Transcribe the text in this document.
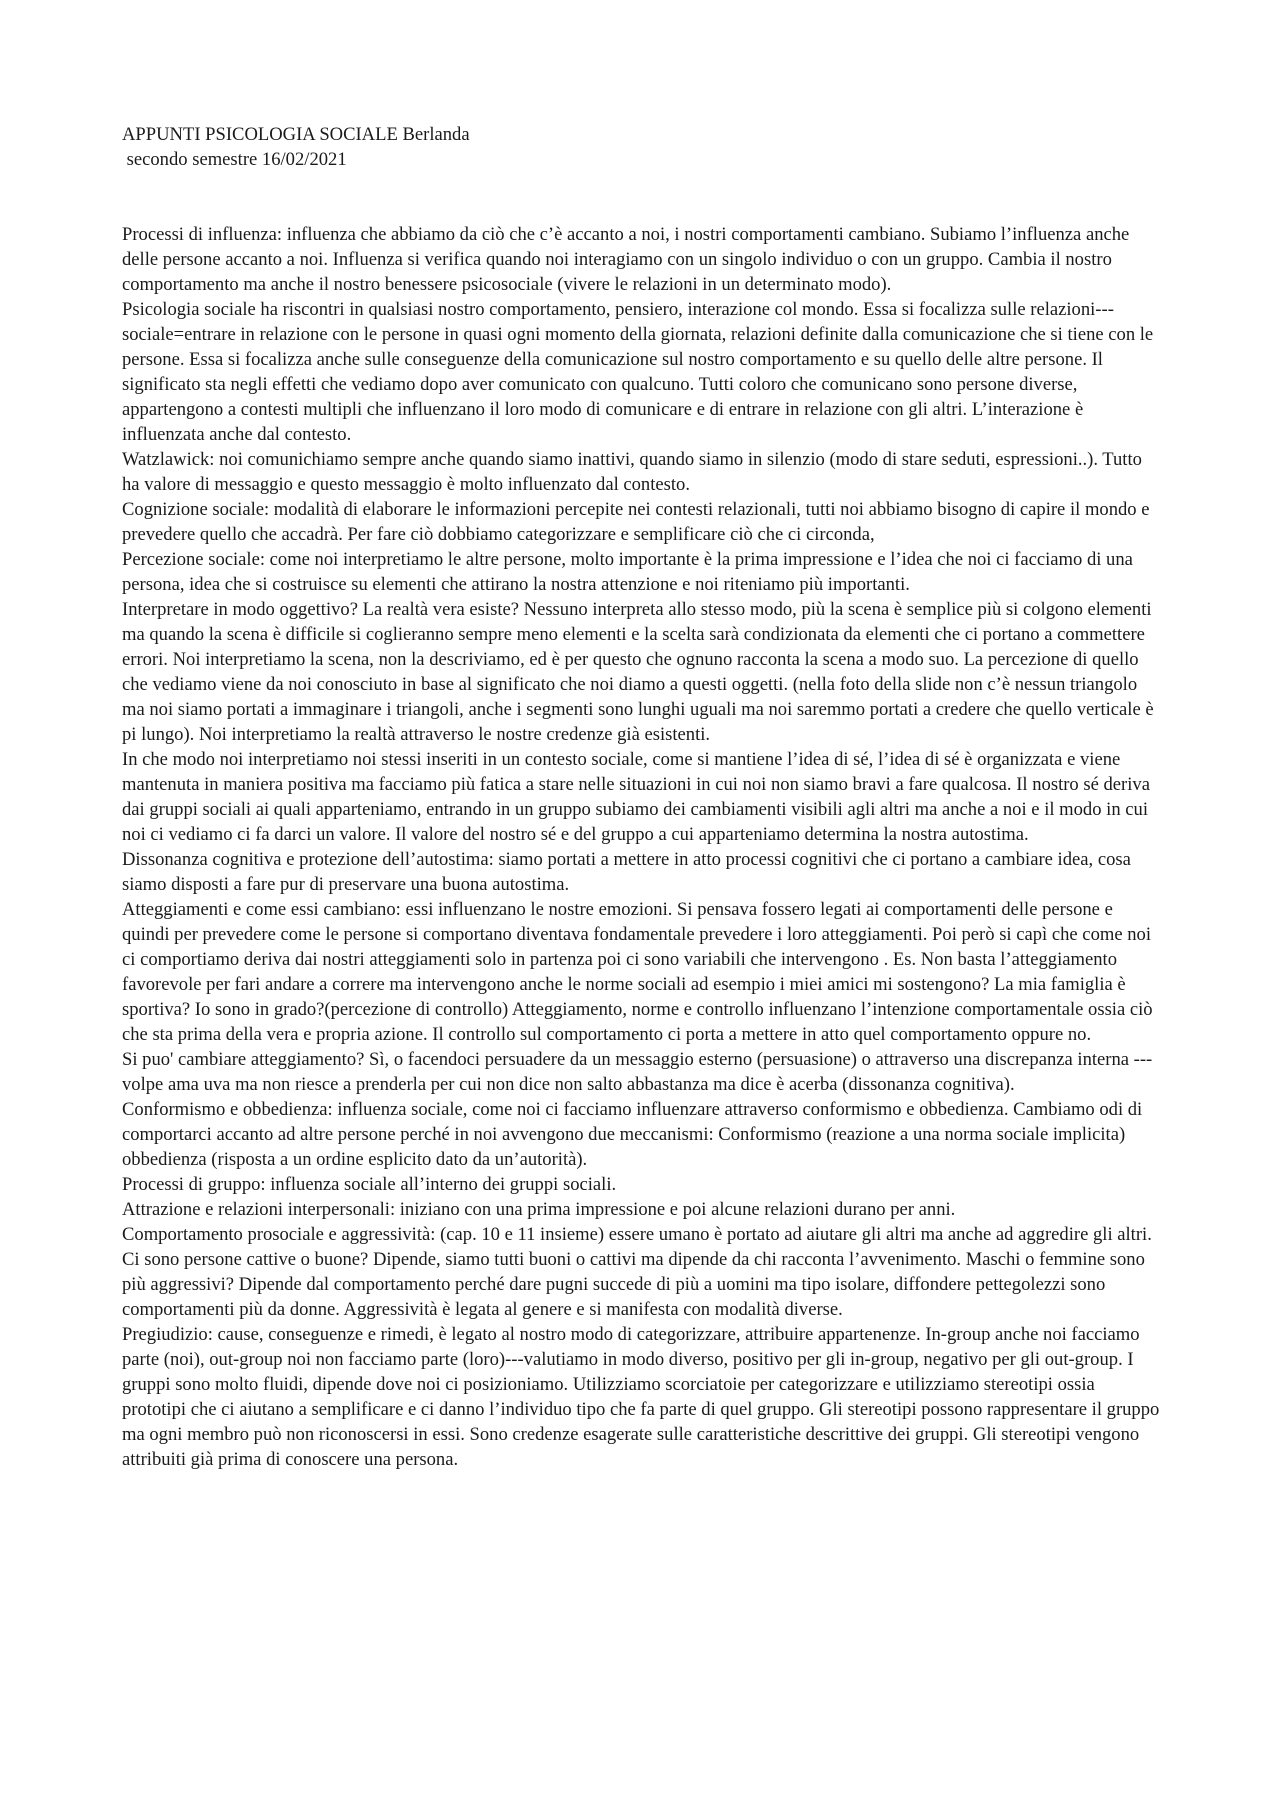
APPUNTI PSICOLOGIA SOCIALE Berlanda

secondo semestre 16/02/2021

Processi di influenza: influenza che abbiamo da ciò che c’è accanto a noi, i nostri comportamenti cambiano. Subiamo l’influenza anche delle persone accanto a noi. Influenza si verifica quando noi interagiamo con un singolo individuo o con un gruppo. Cambia il nostro comportamento ma anche il nostro benessere psicosociale (vivere le relazioni in un determinato modo).

Psicologia sociale ha riscontri in qualsiasi nostro comportamento, pensiero, interazione col mondo. Essa si focalizza sulle relazioni---sociale=entrare in relazione con le persone in quasi ogni momento della giornata, relazioni definite dalla comunicazione che si tiene con le persone. Essa si focalizza anche sulle conseguenze della comunicazione sul nostro comportamento e su quello delle altre persone. Il significato sta negli effetti che vediamo dopo aver comunicato con qualcuno. Tutti coloro che comunicano sono persone diverse, appartengono a contesti multipli che influenzano il loro modo di comunicare e di entrare in relazione con gli altri. L’interazione è influenzata anche dal contesto.

Watzlawick: noi comunichiamo sempre anche quando siamo inattivi, quando siamo in silenzio (modo di stare seduti, espressioni..). Tutto ha valore di messaggio e questo messaggio è molto influenzato dal contesto.

Cognizione sociale: modalità di elaborare le informazioni percepite nei contesti relazionali, tutti noi abbiamo bisogno di capire il mondo e prevedere quello che accadrà. Per fare ciò dobbiamo categorizzare e semplificare ciò che ci circonda,

Percezione sociale: come noi interpretiamo le altre persone, molto importante è la prima impressione e l’idea che noi ci facciamo di una persona, idea che si costruisce su elementi che attirano la nostra attenzione e noi riteniamo più importanti.

Interpretare in modo oggettivo? La realtà vera esiste? Nessuno interpreta allo stesso modo, più la scena è semplice più si colgono elementi ma quando la scena è difficile si coglieranno sempre meno elementi e la scelta sarà condizionata da elementi che ci portano a commettere errori. Noi interpretiamo la scena, non la descriviamo, ed è per questo che ognuno racconta la scena a modo suo. La percezione di quello che vediamo viene da noi conosciuto in base al significato che noi diamo a questi oggetti. (nella foto della slide non c’è nessun triangolo ma noi siamo portati a immaginare i triangoli, anche i segmenti sono lunghi uguali ma noi saremmo portati a credere che quello verticale è pi lungo). Noi interpretiamo la realtà attraverso le nostre credenze già esistenti.

In che modo noi interpretiamo noi stessi inseriti in un contesto sociale, come si mantiene l’idea di sé, l’idea di sé è organizzata e viene mantenuta in maniera positiva ma facciamo più fatica a stare nelle situazioni in cui noi non siamo bravi a fare qualcosa. Il nostro sé deriva dai gruppi sociali ai quali apparteniamo, entrando in un gruppo subiamo dei cambiamenti visibili agli altri ma anche a noi e il modo in cui noi ci vediamo ci fa darci un valore. Il valore del nostro sé e del gruppo a cui apparteniamo determina la nostra autostima.

Dissonanza cognitiva e protezione dell’autostima: siamo portati a mettere in atto processi cognitivi che ci portano a cambiare idea, cosa siamo disposti a fare pur di preservare una buona autostima.

Atteggiamenti e come essi cambiano: essi influenzano le nostre emozioni. Si pensava fossero legati ai comportamenti delle persone e quindi per prevedere come le persone si comportano diventava fondamentale prevedere i loro atteggiamenti. Poi però si capì che come noi ci comportiamo deriva dai nostri atteggiamenti solo in partenza poi ci sono variabili che intervengono . Es. Non basta l’atteggiamento favorevole per fari andare a correre ma intervengono anche le norme sociali ad esempio i miei amici mi sostengono? La mia famiglia è sportiva? Io sono in grado?(percezione di controllo) Atteggiamento, norme e controllo influenzano l’intenzione comportamentale ossia ciò che sta prima della vera e propria azione. Il controllo sul comportamento ci porta a mettere in atto quel comportamento oppure no.

Si puo' cambiare atteggiamento? Sì, o facendoci persuadere da un messaggio esterno (persuasione) o attraverso una discrepanza interna ---volpe ama uva ma non riesce a prenderla per cui non dice non salto abbastanza ma dice è acerba (dissonanza cognitiva).

Conformismo e obbedienza: influenza sociale, come noi ci facciamo influenzare attraverso conformismo e obbedienza. Cambiamo odi di comportarci accanto ad altre persone perché in noi avvengono due meccanismi: Conformismo (reazione a una norma sociale implicita) obbedienza (risposta a un ordine esplicito dato da un’autorità).

Processi di gruppo: influenza sociale all’interno dei gruppi sociali.

Attrazione e relazioni interpersonali: iniziano con una prima impressione e poi alcune relazioni durano per anni.

Comportamento prosociale e aggressività: (cap. 10 e 11 insieme) essere umano è portato ad aiutare gli altri ma anche ad aggredire gli altri. Ci sono persone cattive o buone? Dipende, siamo tutti buoni o cattivi ma dipende da chi racconta l’avvenimento. Maschi o femmine sono più aggressivi? Dipende dal comportamento perché dare pugni succede di più a uomini ma tipo isolare, diffondere pettegolezzi sono comportamenti più da donne. Aggressività è legata al genere e si manifesta con modalità diverse.

Pregiudizio: cause, conseguenze e rimedi, è legato al nostro modo di categorizzare, attribuire appartenenze. In-group anche noi facciamo parte (noi), out-group noi non facciamo parte (loro)---valutiamo in modo diverso, positivo per gli in-group, negativo per gli out-group. I gruppi sono molto fluidi, dipende dove noi ci posizioniamo. Utilizziamo scorciatoie per categorizzare e utilizziamo stereotipi ossia prototipi che ci aiutano a semplificare e ci danno l’individuo tipo che fa parte di quel gruppo. Gli stereotipi possono rappresentare il gruppo ma ogni membro può non riconoscersi in essi. Sono credenze esagerate sulle caratteristiche descrittive dei gruppi. Gli stereotipi vengono attribuiti già prima di conoscere una persona.
